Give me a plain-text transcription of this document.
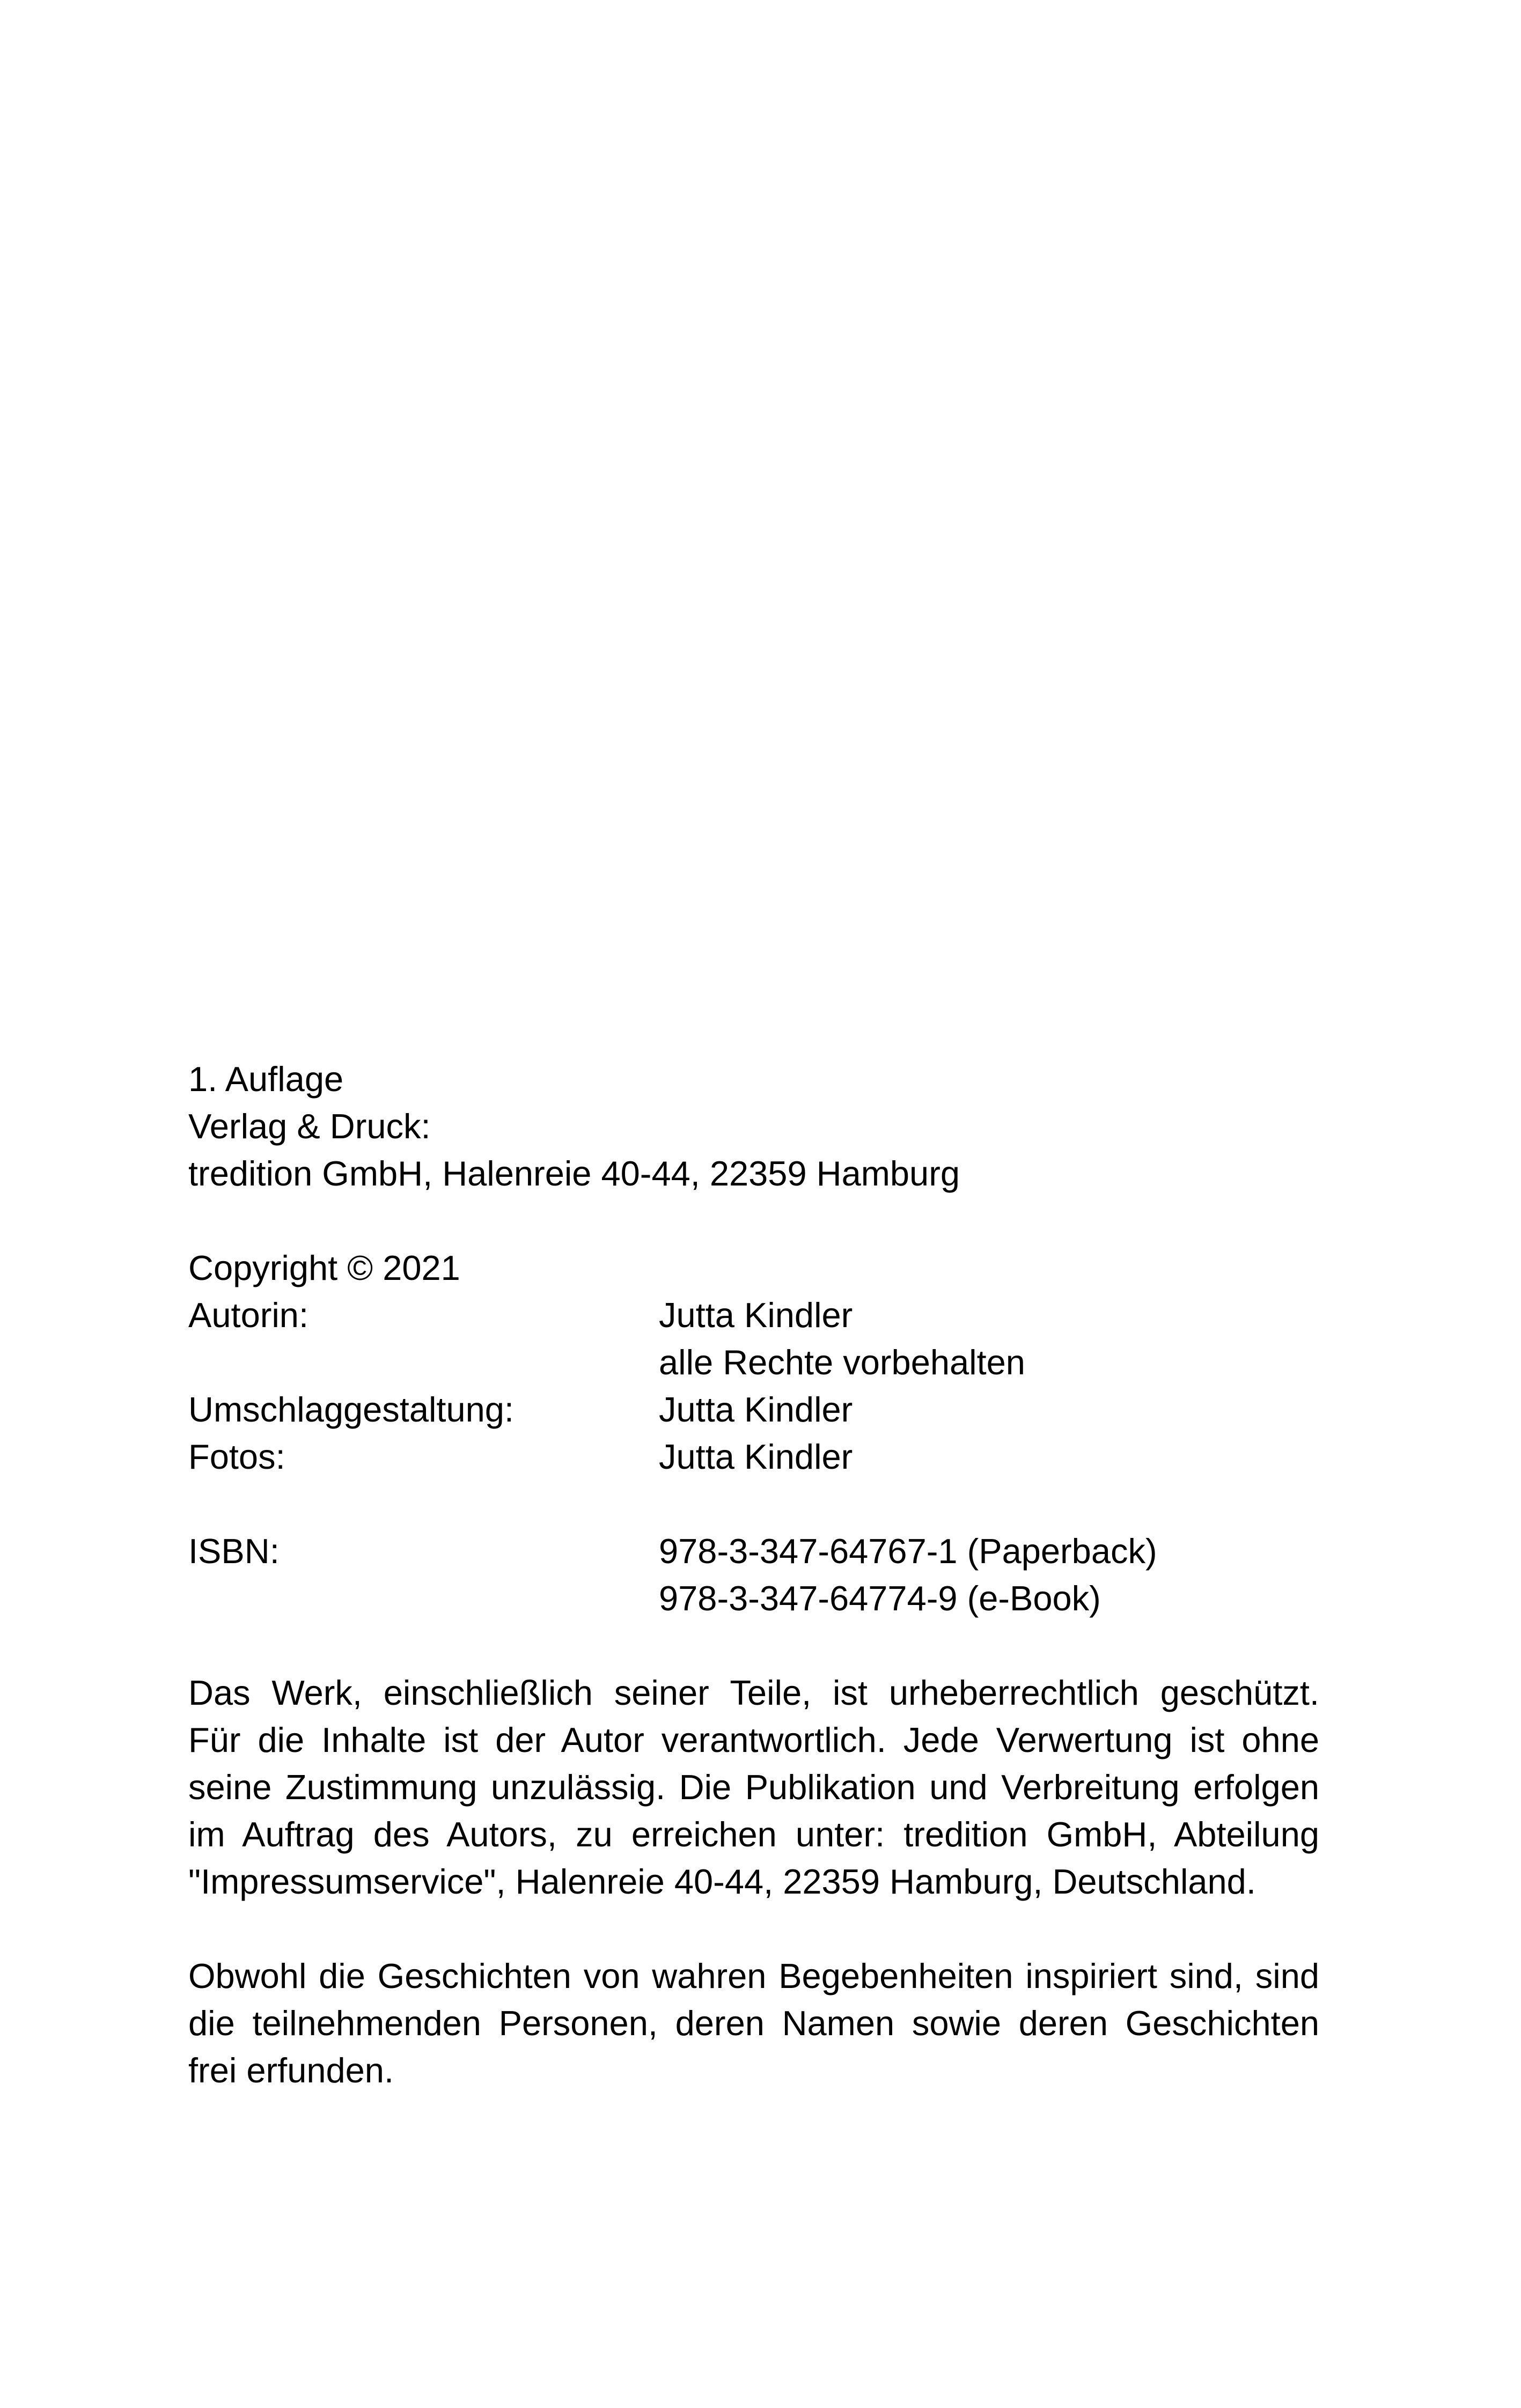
1. Auflage
Verlag & Druck:
tredition GmbH, Halenreie 40-44, 22359 Hamburg
Copyright © 2021
Autorin:	Jutta Kindler
alle Rechte vorbehalten
Umschlaggestaltung:	Jutta Kindler
Fotos:	Jutta Kindler
ISBN:	978-3-347-64767-1 (Paperback)
978-3-347-64774-9 (e-Book)
Das Werk, einschließlich seiner Teile, ist urheberrechtlich geschützt.
Für die Inhalte ist der Autor verantwortlich. Jede Verwertung ist ohne
seine Zustimmung unzulässig. Die Publikation und Verbreitung erfolgen
im Auftrag des Autors, zu erreichen unter: tredition GmbH, Abteilung
"Impressumservice", Halenreie 40-44, 22359 Hamburg, Deutschland.
Obwohl die Geschichten von wahren Begebenheiten inspiriert sind, sind
die teilnehmenden Personen, deren Namen sowie deren Geschichten
frei erfunden.
